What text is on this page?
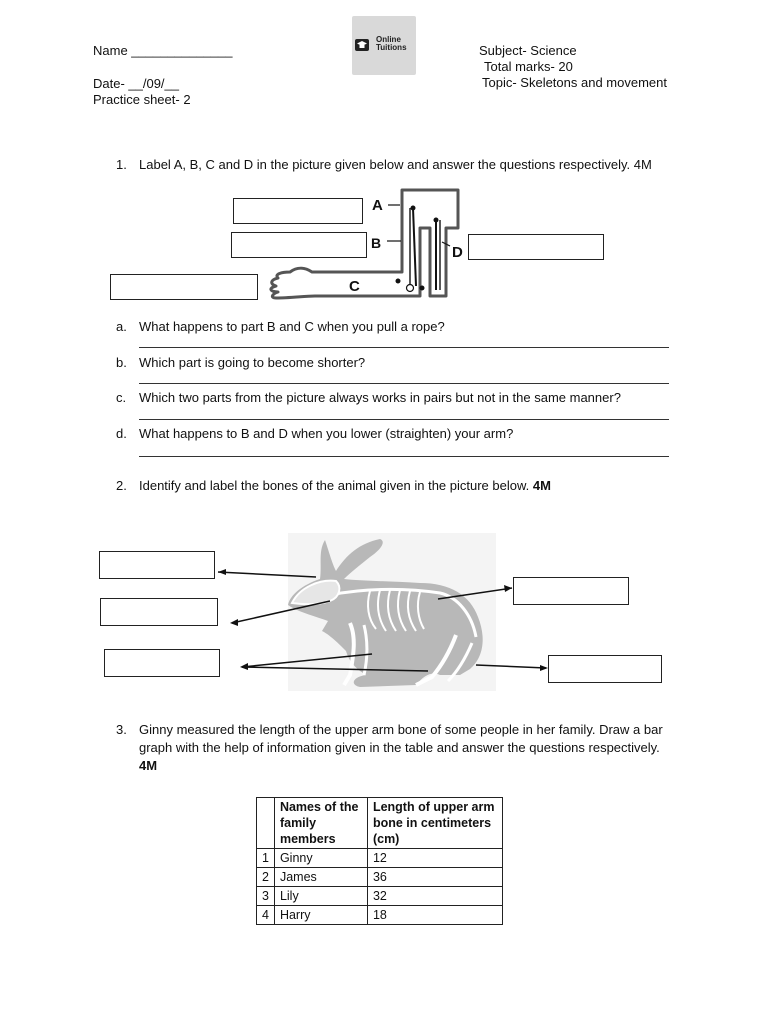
Name ______________
Date- __/09/__
Practice sheet- 2
Online
Tuitions	Subject- Science
Total marks- 20
Topic- Skeletons and movement
1. Label A, B, C and D in the picture given below and answer the questions respectively. 4M
A
B
C
D
a. What happens to part B and C when you pull a rope?
b. Which part is going to become shorter?
c. Which two parts from the picture always works in pairs but not in the same manner?
d. What happens to B and D when you lower (straighten) your arm?
2. Identify and label the bones of the animal given in the picture below. 4M
3. Ginny measured the length of the upper arm bone of some people in her family. Draw a bar
graph with the help of information given in the table and answer the questions respectively.
4M
	Names of the family members	Length of upper arm bone in centimeters (cm)
1	Ginny	12
2	James	36
3	Lily	32
4	Harry	18
